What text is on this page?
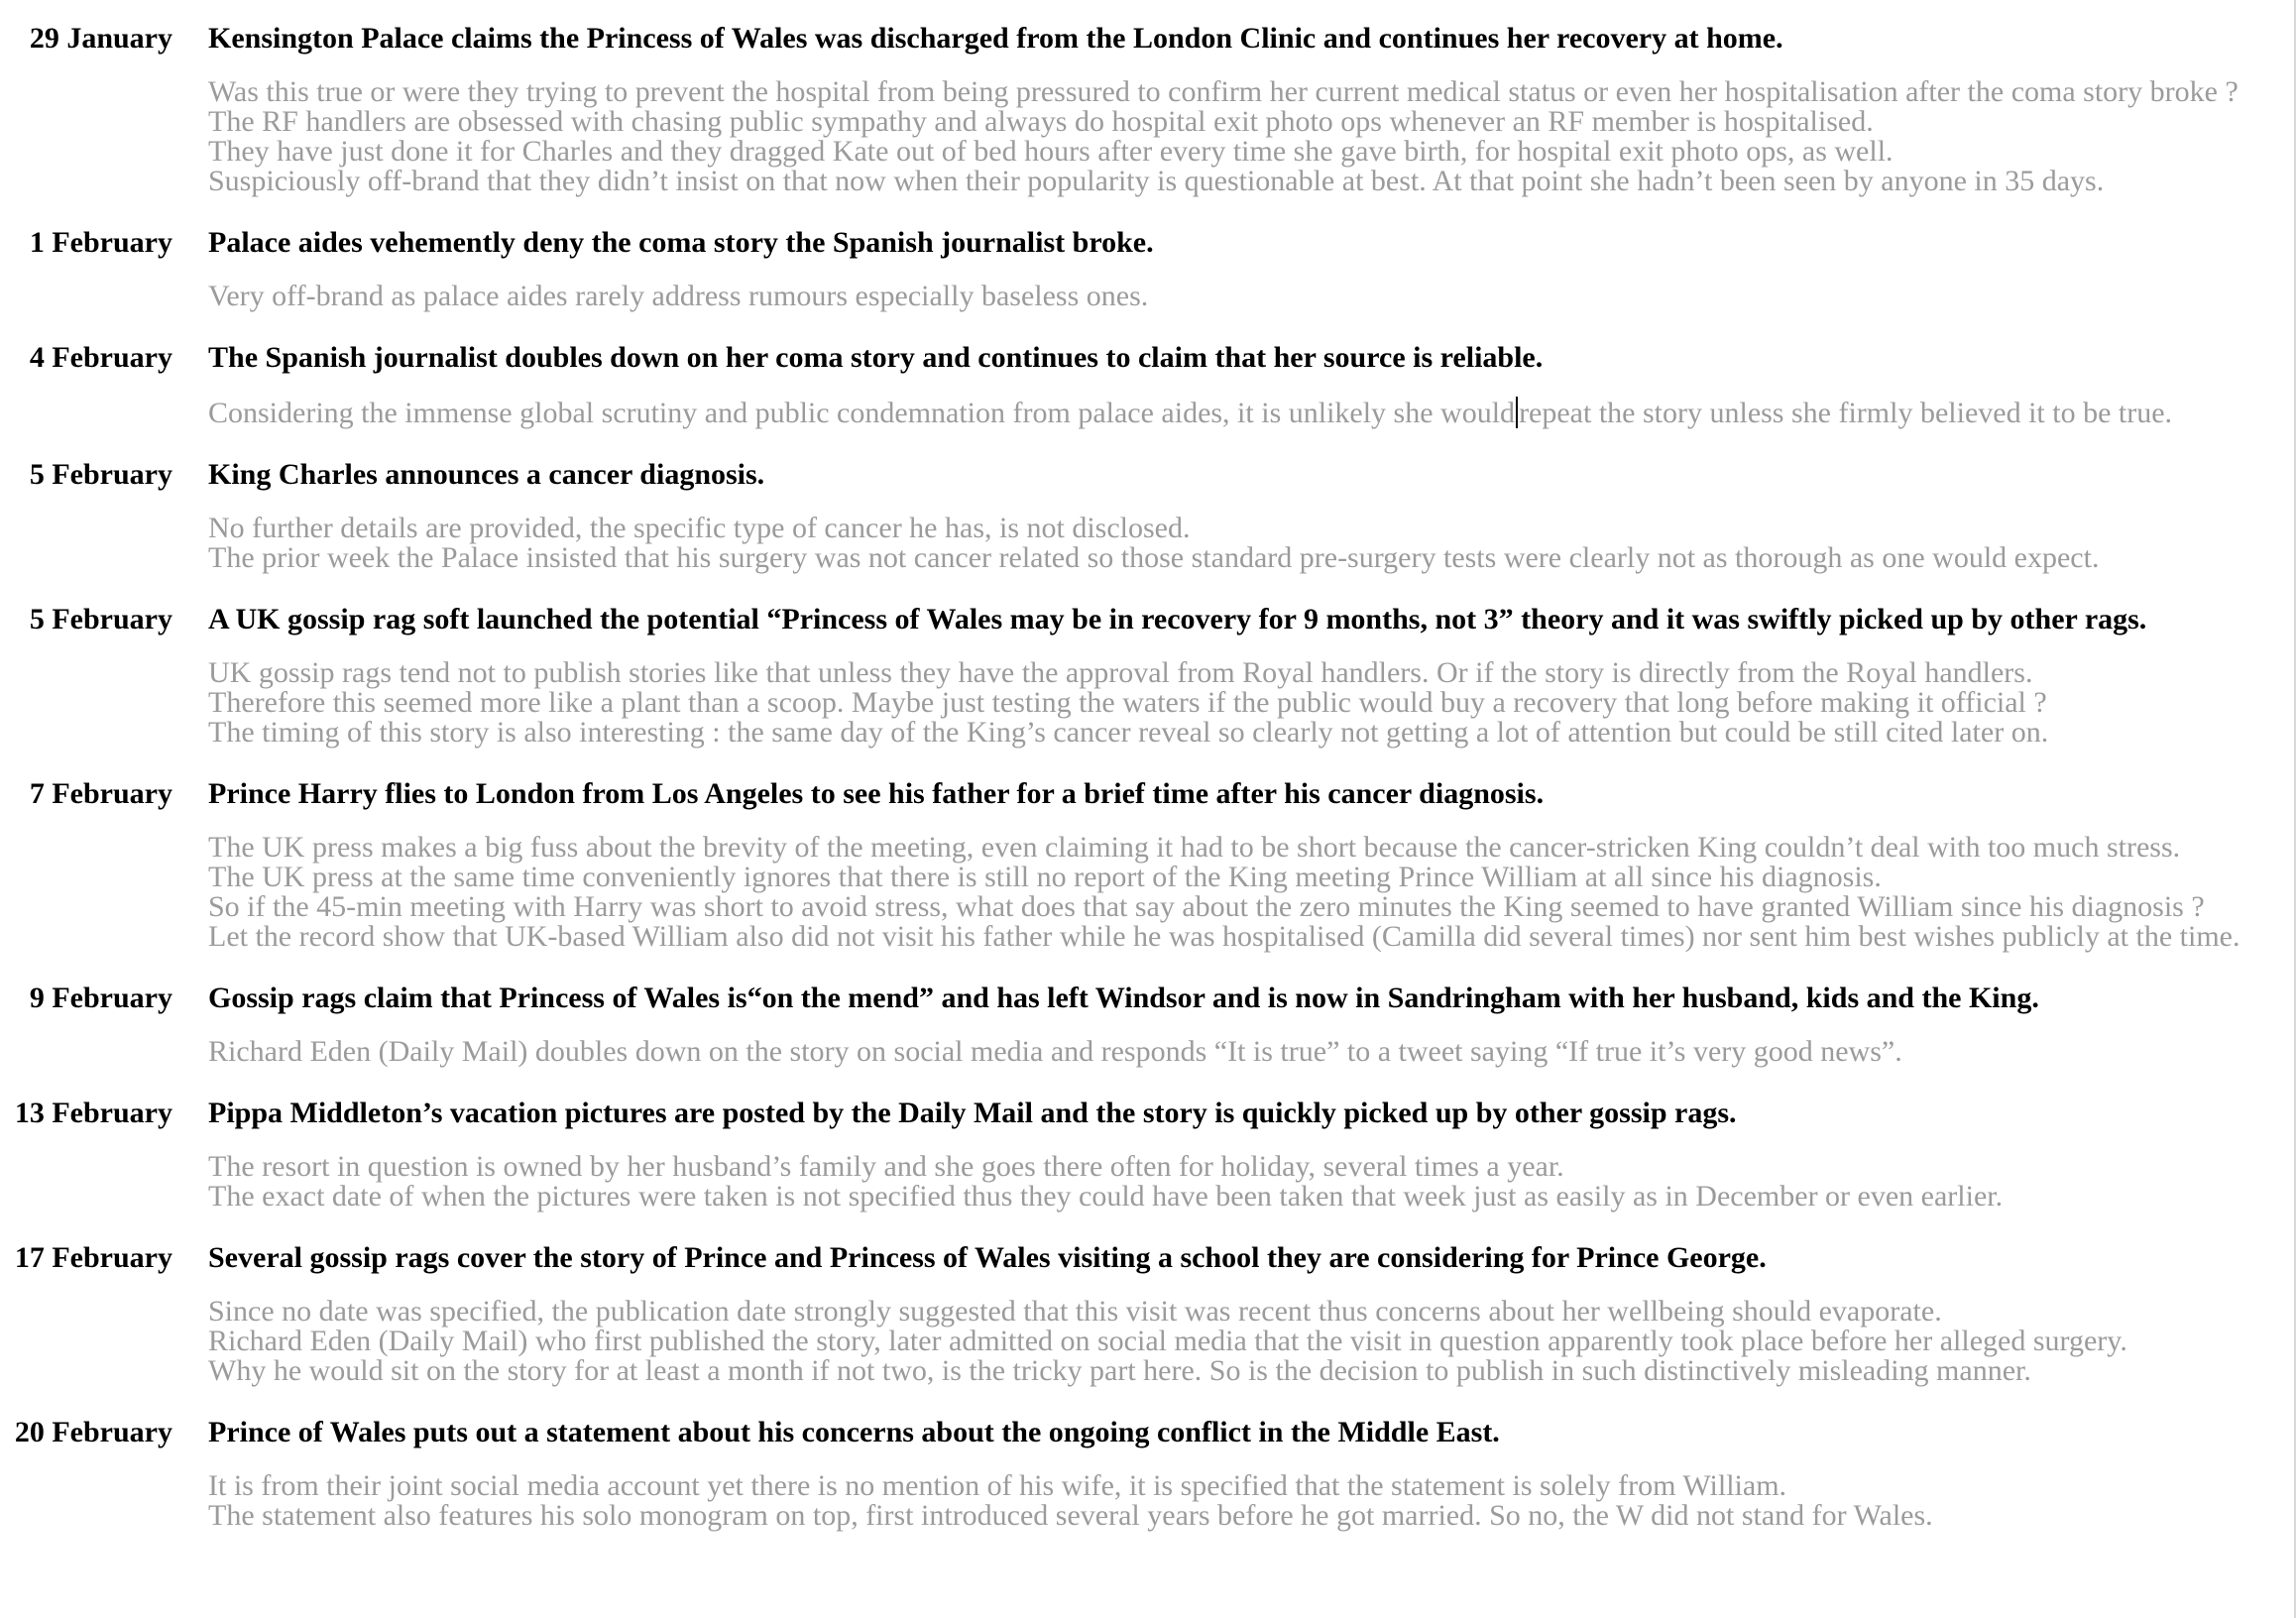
29 January Kensington Palace claims the Princess of Wales was discharged from the London Clinic and continues her recovery at home.
Was this true or were they trying to prevent the hospital from being pressured to confirm her current medical status or even her hospitalisation after the coma story broke ?
The RF handlers are obsessed with chasing public sympathy and always do hospital exit photo ops whenever an RF member is hospitalised.
They have just done it for Charles and they dragged Kate out of bed hours after every time she gave birth, for hospital exit photo ops, as well.
Suspiciously off-brand that they didn’t insist on that now when their popularity is questionable at best. At that point she hadn’t been seen by anyone in 35 days.
1 February Palace aides vehemently deny the coma story the Spanish journalist broke.
Very off-brand as palace aides rarely address rumours especially baseless ones.
4 February The Spanish journalist doubles down on her coma story and continues to claim that her source is reliable.
Considering the immense global scrutiny and public condemnation from palace aides, it is unlikely she would repeat the story unless she firmly believed it to be true.
5 February King Charles announces a cancer diagnosis.
No further details are provided, the specific type of cancer he has, is not disclosed.
The prior week the Palace insisted that his surgery was not cancer related so those standard pre-surgery tests were clearly not as thorough as one would expect.
5 February A UK gossip rag soft launched the potential “Princess of Wales may be in recovery for 9 months, not 3” theory and it was swiftly picked up by other rags.
UK gossip rags tend not to publish stories like that unless they have the approval from Royal handlers. Or if the story is directly from the Royal handlers.
Therefore this seemed more like a plant than a scoop. Maybe just testing the waters if the public would buy a recovery that long before making it official ?
The timing of this story is also interesting : the same day of the King’s cancer reveal so clearly not getting a lot of attention but could be still cited later on.
7 February Prince Harry flies to London from Los Angeles to see his father for a brief time after his cancer diagnosis.
The UK press makes a big fuss about the brevity of the meeting, even claiming it had to be short because the cancer-stricken King couldn’t deal with too much stress.
The UK press at the same time conveniently ignores that there is still no report of the King meeting Prince William at all since his diagnosis.
So if the 45-min meeting with Harry was short to avoid stress, what does that say about the zero minutes the King seemed to have granted William since his diagnosis ?
Let the record show that UK-based William also did not visit his father while he was hospitalised (Camilla did several times) nor sent him best wishes publicly at the time.
9 February Gossip rags claim that Princess of Wales is“on the mend” and has left Windsor and is now in Sandringham with her husband, kids and the King.
Richard Eden (Daily Mail) doubles down on the story on social media and responds “It is true” to a tweet saying “If true it’s very good news”.
13 February Pippa Middleton’s vacation pictures are posted by the Daily Mail and the story is quickly picked up by other gossip rags.
The resort in question is owned by her husband’s family and she goes there often for holiday, several times a year.
The exact date of when the pictures were taken is not specified thus they could have been taken that week just as easily as in December or even earlier.
17 February Several gossip rags cover the story of Prince and Princess of Wales visiting a school they are considering for Prince George.
Since no date was specified, the publication date strongly suggested that this visit was recent thus concerns about her wellbeing should evaporate.
Richard Eden (Daily Mail) who first published the story, later admitted on social media that the visit in question apparently took place before her alleged surgery.
Why he would sit on the story for at least a month if not two, is the tricky part here. So is the decision to publish in such distinctively misleading manner.
20 February Prince of Wales puts out a statement about his concerns about the ongoing conflict in the Middle East.
It is from their joint social media account yet there is no mention of his wife, it is specified that the statement is solely from William.
The statement also features his solo monogram on top, first introduced several years before he got married. So no, the W did not stand for Wales.
